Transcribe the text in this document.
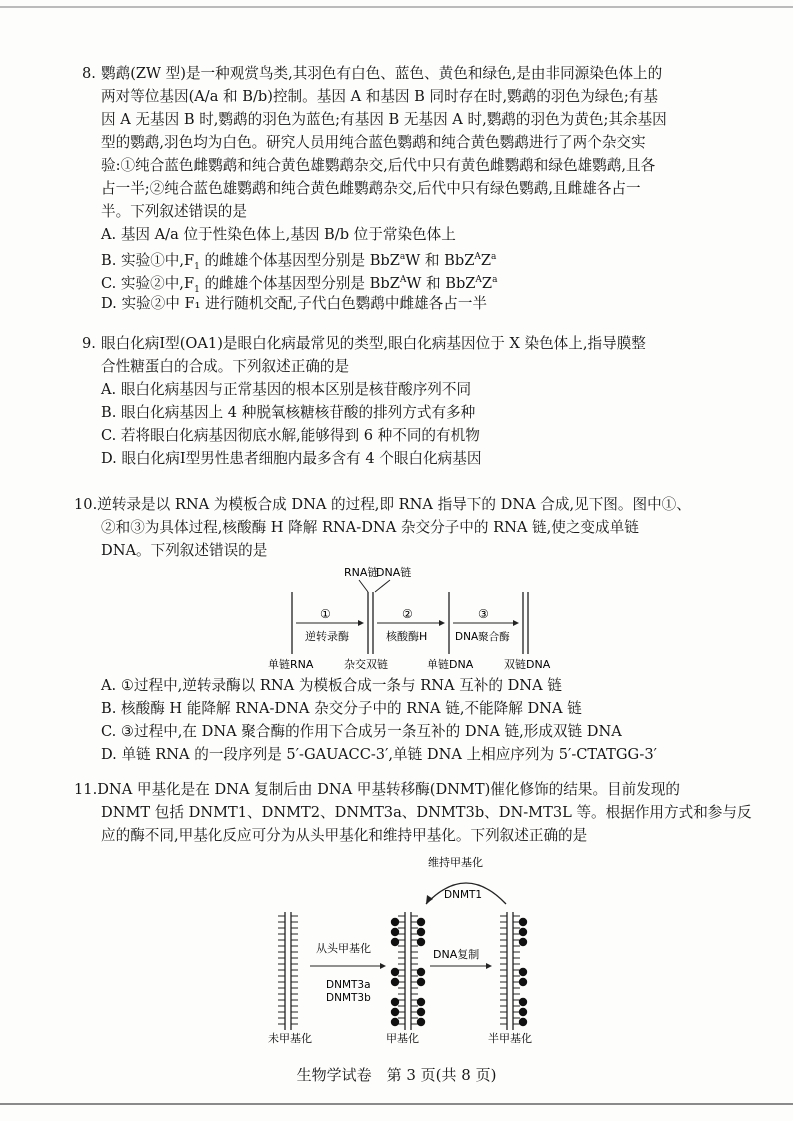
8. 鹦鹉(ZW 型)是一种观赏鸟类,其羽色有白色、蓝色、黄色和绿色,是由非同源染色体上的
两对等位基因(A/a 和 B/b)控制。基因 A 和基因 B 同时存在时,鹦鹉的羽色为绿色;有基
因 A 无基因 B 时,鹦鹉的羽色为蓝色;有基因 B 无基因 A 时,鹦鹉的羽色为黄色;其余基因
型的鹦鹉,羽色均为白色。研究人员用纯合蓝色鹦鹉和纯合黄色鹦鹉进行了两个杂交实
验:①纯合蓝色雌鹦鹉和纯合黄色雄鹦鹉杂交,后代中只有黄色雌鹦鹉和绿色雄鹦鹉,且各
占一半;②纯合蓝色雄鹦鹉和纯合黄色雌鹦鹉杂交,后代中只有绿色鹦鹉,且雌雄各占一
半。下列叙述错误的是
A. 基因 A/a 位于性染色体上,基因 B/b 位于常染色体上
B. 实验①中$,F_1$ 的雌雄个体基因型分别是 BbZ$^a$W 和 $BbZ^AZ^a$
C. 实验②中$,F_1$ 的雌雄个体基因型分别是 BbZ$^A$W 和 $BbZ^AZ^a$
D. 实验②中 F₁ 进行随机交配,子代白色鹦鹉中雌雄各占一半
9. 眼白化病Ⅰ型(OA1)是眼白化病最常见的类型,眼白化病基因位于 X 染色体上,指导膜整
合性糖蛋白的合成。下列叙述正确的是
A. 眼白化病基因与正常基因的根本区别是核苷酸序列不同
B. 眼白化病基因上 4 种脱氧核糖核苷酸的排列方式有多种
C. 若将眼白化病基因彻底水解,能够得到 6 种不同的有机物
D. 眼白化病Ⅰ型男性患者细胞内最多含有 4 个眼白化病基因
10.逆转录是以 RNA 为模板合成 DNA 的过程,即 RNA 指导下的 DNA 合成,见下图。图中①、
②和③为具体过程,核酸酶 H 降解 RNA-DNA 杂交分子中的 RNA 链,使之变成单链
DNA。下列叙述错误的是
RNA链
DNA链
①	②	③
逆转录酶	核酸酶H	DNA聚合酶
单链RNA	杂交双链	单链DNA	双链DNA
A. ①过程中,逆转录酶以 RNA 为模板合成一条与 RNA 互补的 DNA 链
B. 核酸酶 H 能降解 RNA-DNA 杂交分子中的 RNA 链,不能降解 DNA 链
C. ③过程中,在 DNA 聚合酶的作用下合成另一条互补的 DNA 链,形成双链 DNA
D. 单链 RNA 的一段序列是 5′-GAUACC-3′,单链 DNA 上相应序列为 5′-CTATGG-3′
11.DNA 甲基化是在 DNA 复制后由 DNA 甲基转移酶(DNMT)催化修饰的结果。目前发现的
DNMT 包括 DNMT1、DNMT2、DNMT3a、DNMT3b、DN-MT3L 等。根据作用方式和参与反
应的酶不同,甲基化反应可分为从头甲基化和维持甲基化。下列叙述正确的是
维持甲基化
DNMT1
从头甲基化
DNMT3a
DNMT3b
DNA复制
未甲基化	甲基化	半甲基化
生物学试卷　第 3 页(共 8 页)
